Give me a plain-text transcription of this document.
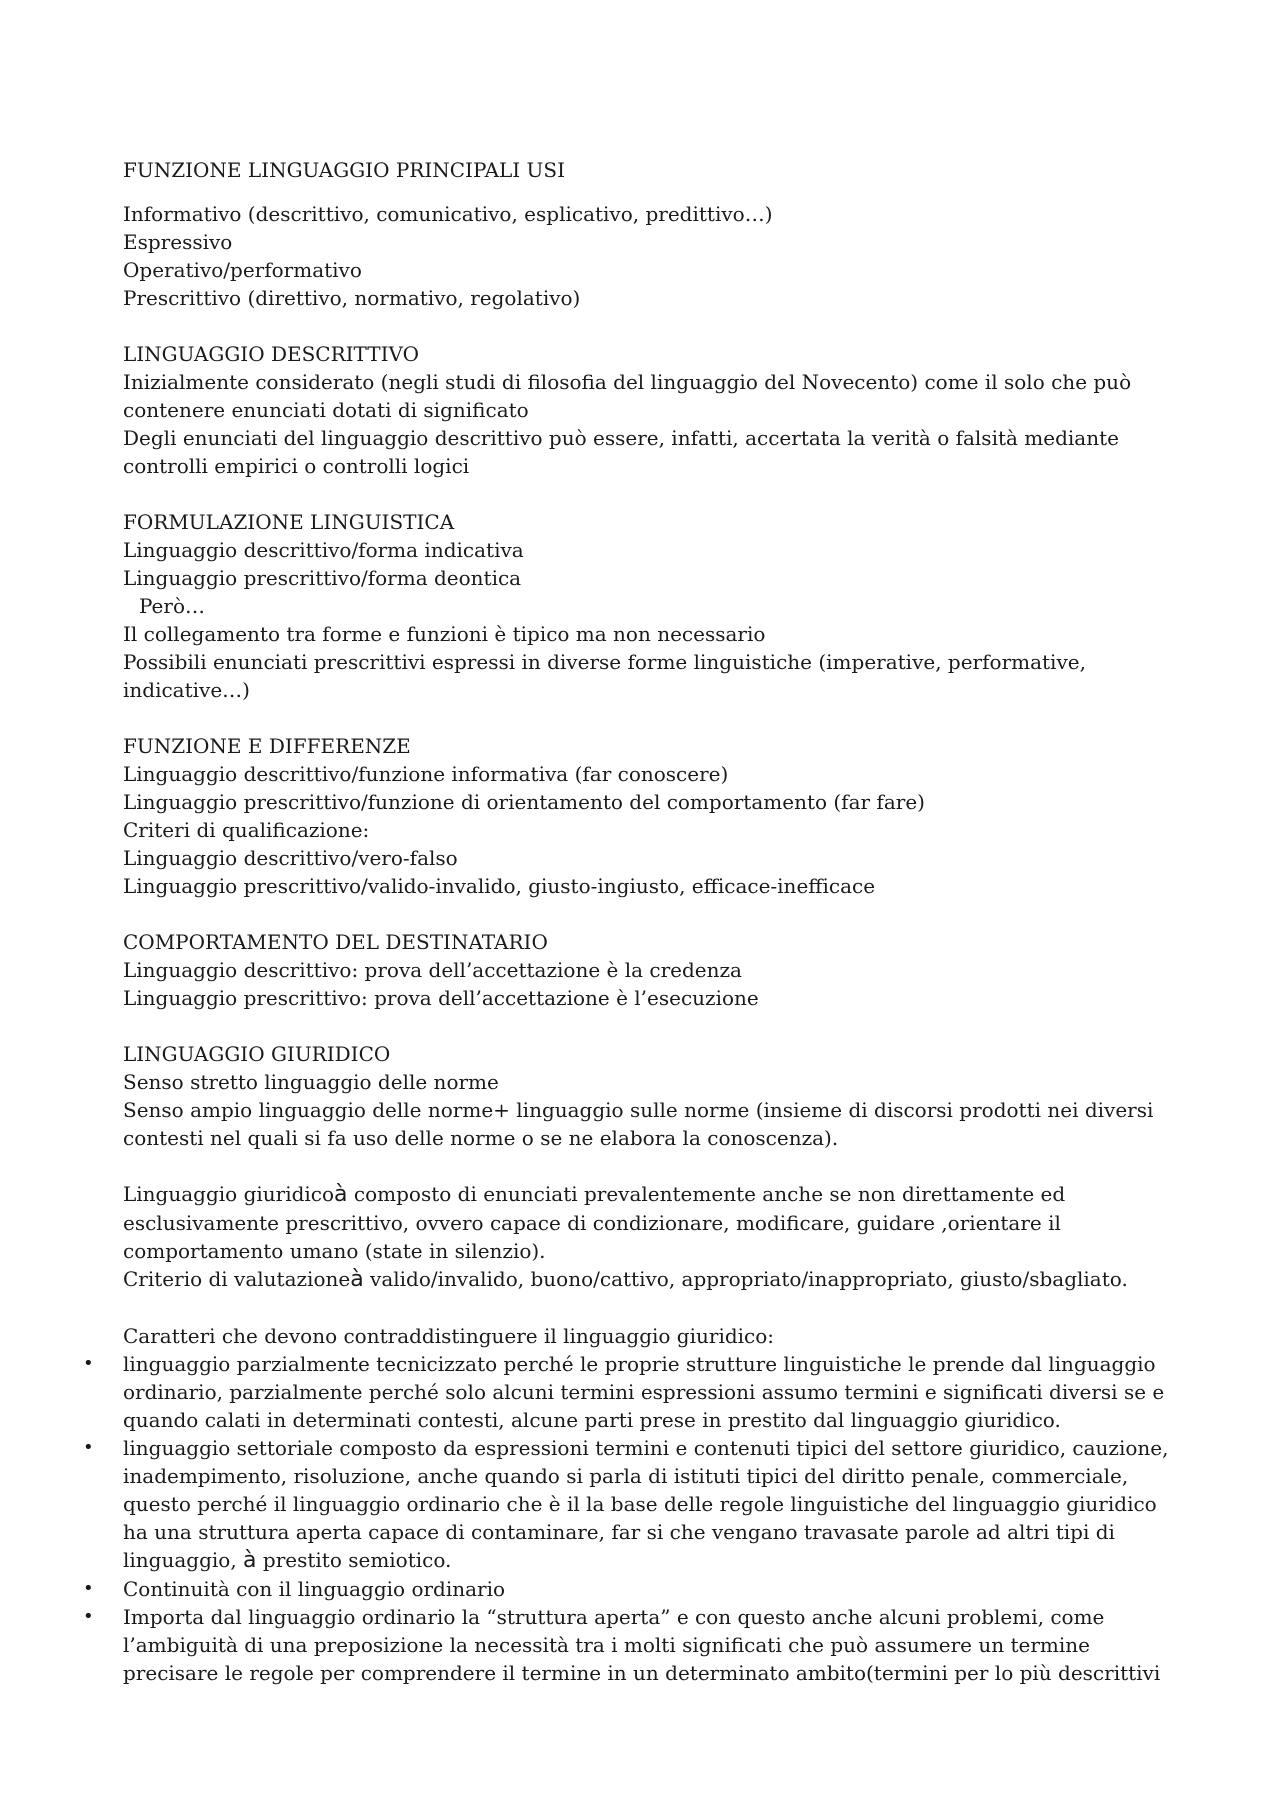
FUNZIONE LINGUAGGIO PRINCIPALI USI
Informativo (descrittivo, comunicativo, esplicativo, predittivo…)
Espressivo
Operativo/performativo
Prescrittivo (direttivo, normativo, regolativo)
LINGUAGGIO DESCRITTIVO
Inizialmente considerato (negli studi di filosofia del linguaggio del Novecento) come il solo che può
contenere enunciati dotati di significato
Degli enunciati del linguaggio descrittivo può essere, infatti, accertata la verità o falsità mediante
controlli empirici o controlli logici
FORMULAZIONE LINGUISTICA
Linguaggio descrittivo/forma indicativa
Linguaggio prescrittivo/forma deontica
Però…
Il collegamento tra forme e funzioni è tipico ma non necessario
Possibili enunciati prescrittivi espressi in diverse forme linguistiche (imperative, performative,
indicative…)
FUNZIONE E DIFFERENZE
Linguaggio descrittivo/funzione informativa (far conoscere)
Linguaggio prescrittivo/funzione di orientamento del comportamento (far fare)
Criteri di qualificazione:
Linguaggio descrittivo/vero-falso
Linguaggio prescrittivo/valido-invalido, giusto-ingiusto, efficace-inefficace
COMPORTAMENTO DEL DESTINATARIO
Linguaggio descrittivo: prova dell’accettazione è la credenza
Linguaggio prescrittivo: prova dell’accettazione è l’esecuzione
LINGUAGGIO GIURIDICO
Senso stretto linguaggio delle norme
Senso ampio linguaggio delle norme+ linguaggio sulle norme (insieme di discorsi prodotti nei diversi
contesti nel quali si fa uso delle norme o se ne elabora la conoscenza).
Linguaggio giuridicoà composto di enunciati prevalentemente anche se non direttamente ed
esclusivamente prescrittivo, ovvero capace di condizionare, modificare, guidare ,orientare il
comportamento umano (state in silenzio).
Criterio di valutazioneà valido/invalido, buono/cattivo, appropriato/inappropriato, giusto/sbagliato.
Caratteri che devono contraddistinguere il linguaggio giuridico:
• linguaggio parzialmente tecnicizzato perché le proprie strutture linguistiche le prende dal linguaggio
ordinario, parzialmente perché solo alcuni termini espressioni assumo termini e significati diversi se e
quando calati in determinati contesti, alcune parti prese in prestito dal linguaggio giuridico.
• linguaggio settoriale composto da espressioni termini e contenuti tipici del settore giuridico, cauzione,
inadempimento, risoluzione, anche quando si parla di istituti tipici del diritto penale, commerciale,
questo perché il linguaggio ordinario che è il la base delle regole linguistiche del linguaggio giuridico
ha una struttura aperta capace di contaminare, far si che vengano travasate parole ad altri tipi di
linguaggio, à prestito semiotico.
• Continuità con il linguaggio ordinario
• Importa dal linguaggio ordinario la “struttura aperta” e con questo anche alcuni problemi, come
l’ambiguità di una preposizione la necessità tra i molti significati che può assumere un termine
precisare le regole per comprendere il termine in un determinato ambito(termini per lo più descrittivi
